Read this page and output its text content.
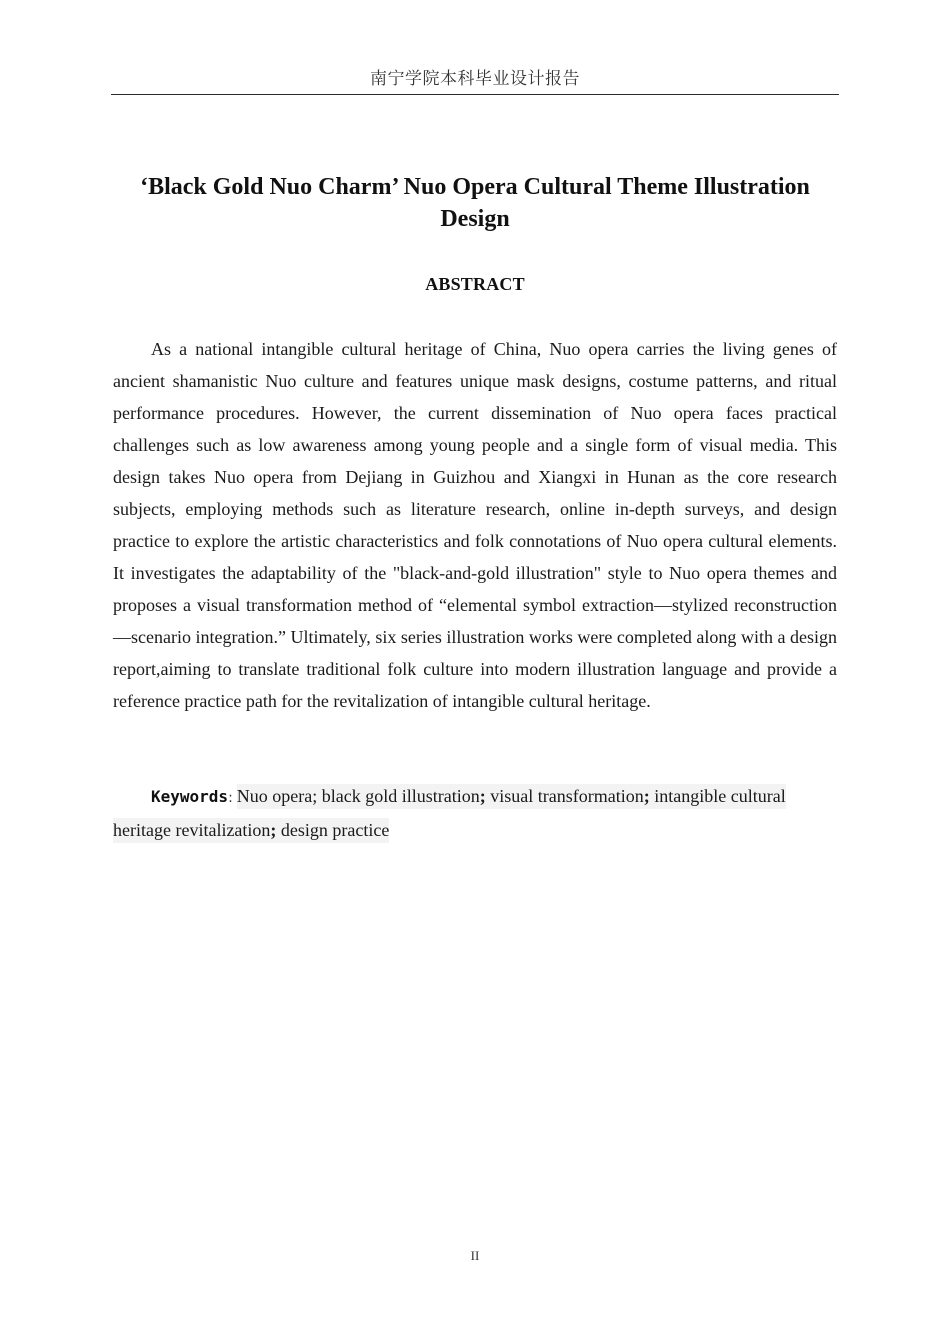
南宁学院本科毕业设计报告
‘Black Gold Nuo Charm’ Nuo Opera Cultural Theme Illustration Design
ABSTRACT

As a national intangible cultural heritage of China, Nuo opera carries the living genes of ancient shamanistic Nuo culture and features unique mask designs, costume patterns, and ritual performance procedures. However, the current dissemination of Nuo opera faces practical challenges such as low awareness among young people and a single form of visual media. This design takes Nuo opera from Dejiang in Guizhou and Xiangxi in Hunan as the core research subjects, employing methods such as literature research, online in-depth surveys, and design practice to explore the artistic characteristics and folk connotations of Nuo opera cultural elements. It investigates the adaptability of the "black-and-gold illustration" style to Nuo opera themes and proposes a visual transformation method of “elemental symbol extraction—stylized reconstruction—scenario integration.” Ultimately, six series illustration works were completed along with a design report,aiming to translate traditional folk culture into modern illustration language and provide a reference practice path for the revitalization of intangible cultural heritage.

Keywords: Nuo opera; black gold illustration; visual transformation; intangible cultural heritage revitalization; design practice

II
